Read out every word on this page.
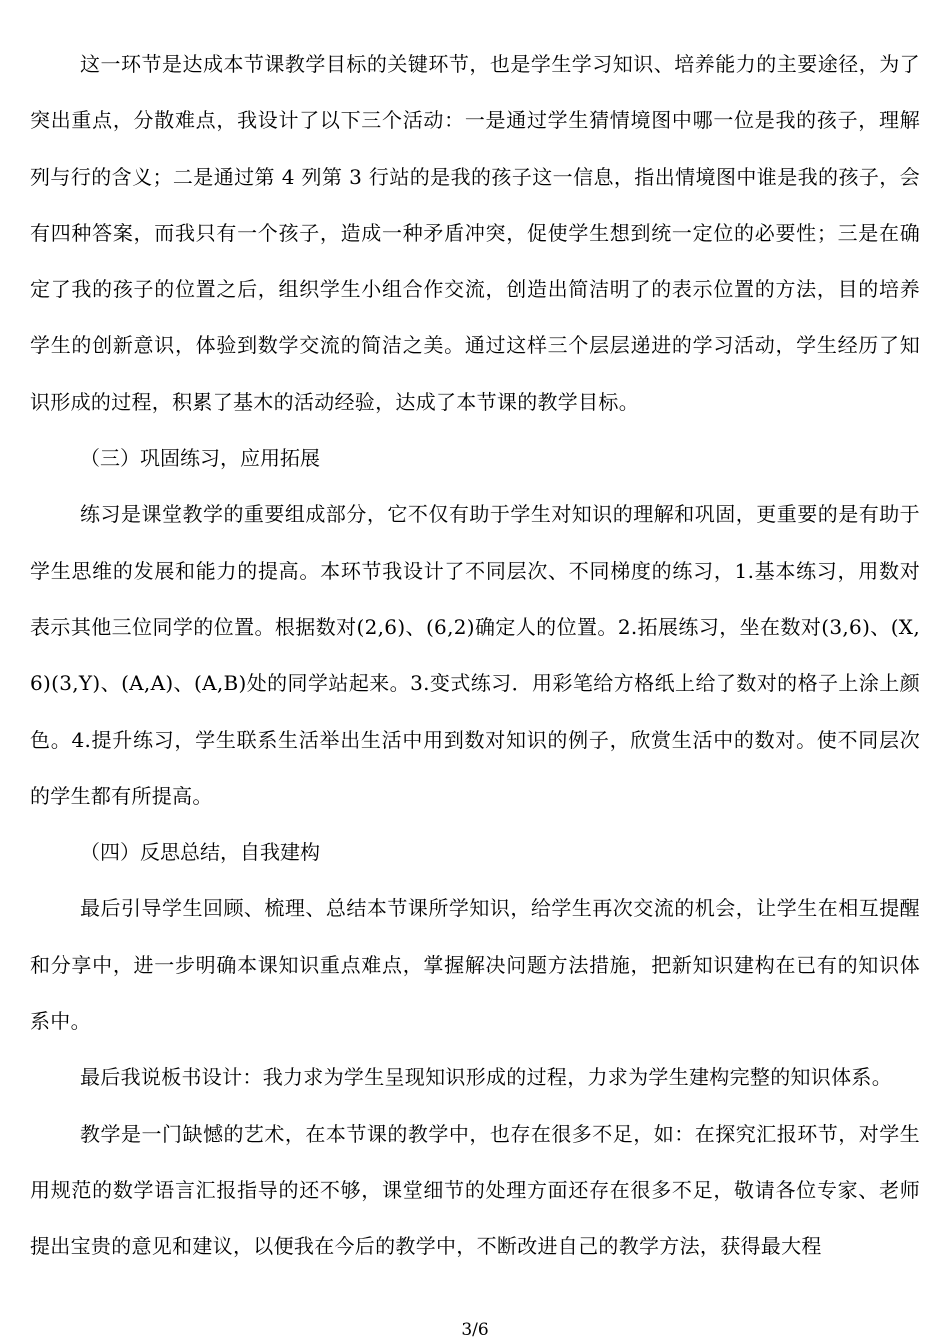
这一环节是达成本节课教学目标的关键环节，也是学生学习知识、培养能力的主要途径，为了突出重点，分散难点，我设计了以下三个活动：一是通过学生猜情境图中哪一位是我的孩子，理解列与行的含义；二是通过第 4 列第 3 行站的是我的孩子这一信息，指出情境图中谁是我的孩子，会有四种答案，而我只有一个孩子，造成一种矛盾冲突，促使学生想到统一定位的必要性；三是在确定了我的孩子的位置之后，组织学生小组合作交流，创造出简洁明了的表示位置的方法，目的培养学生的创新意识，体验到数学交流的简洁之美。通过这样三个层层递进的学习活动，学生经历了知识形成的过程，积累了基木的活动经验，达成了本节课的教学目标。

（三）巩固练习，应用拓展

练习是课堂教学的重要组成部分，它不仅有助于学生对知识的理解和巩固，更重要的是有助于学生思维的发展和能力的提高。本环节我设计了不同层次、不同梯度的练习，1.基本练习，用数对表示其他三位同学的位置。根据数对(2,6)、(6,2)确定人的位置。2.拓展练习，坐在数对(3,6)、(X,6)(3,Y)、(A,A)、(A,B)处的同学站起来。3.变式练习．用彩笔给方格纸上给了数对的格子上涂上颜色。4.提升练习，学生联系生活举出生活中用到数对知识的例子，欣赏生活中的数对。使不同层次的学生都有所提高。

（四）反思总结，自我建构

最后引导学生回顾、梳理、总结本节课所学知识，给学生再次交流的机会，让学生在相互提醒和分享中，进一步明确本课知识重点难点，掌握解决问题方法措施，把新知识建构在已有的知识体系中。

最后我说板书设计：我力求为学生呈现知识形成的过程，力求为学生建构完整的知识体系。

教学是一门缺憾的艺术，在本节课的教学中，也存在很多不足，如：在探究汇报环节，对学生用规范的数学语言汇报指导的还不够，课堂细节的处理方面还存在很多不足，敬请各位专家、老师提出宝贵的意见和建议，以便我在今后的教学中，不断改进自己的教学方法，获得最大程

3/6
